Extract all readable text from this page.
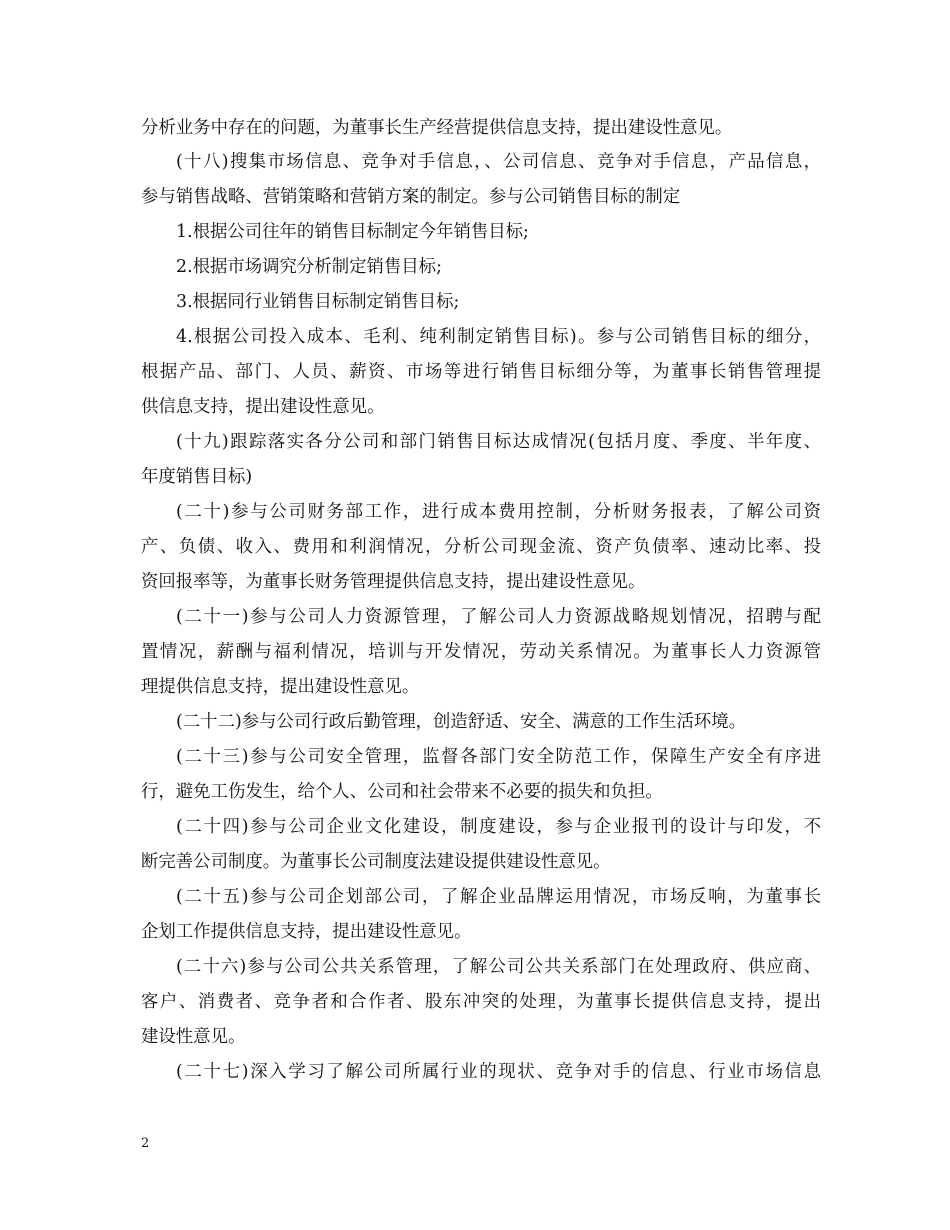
分析业务中存在的问题，为董事长生产经营提供信息支持，提出建设性意见。
(十八)搜集市场信息、竞争对手信息，、公司信息、竞争对手信息，产品信息，
参与销售战略、营销策略和营销方案的制定。参与公司销售目标的制定
1.根据公司往年的销售目标制定今年销售目标;
2.根据市场调究分析制定销售目标;
3.根据同行业销售目标制定销售目标;
4.根据公司投入成本、毛利、纯利制定销售目标)。参与公司销售目标的细分，
根据产品、部门、人员、薪资、市场等进行销售目标细分等，为董事长销售管理提
供信息支持，提出建设性意见。
(十九)跟踪落实各分公司和部门销售目标达成情况(包括月度、季度、半年度、
年度销售目标)
(二十)参与公司财务部工作，进行成本费用控制，分析财务报表，了解公司资
产、负债、收入、费用和利润情况，分析公司现金流、资产负债率、速动比率、投
资回报率等，为董事长财务管理提供信息支持，提出建设性意见。
(二十一)参与公司人力资源管理，了解公司人力资源战略规划情况，招聘与配
置情况，薪酬与福利情况，培训与开发情况，劳动关系情况。为董事长人力资源管
理提供信息支持，提出建设性意见。
(二十二)参与公司行政后勤管理，创造舒适、安全、满意的工作生活环境。
(二十三)参与公司安全管理，监督各部门安全防范工作，保障生产安全有序进
行，避免工伤发生，给个人、公司和社会带来不必要的损失和负担。
(二十四)参与公司企业文化建设，制度建设，参与企业报刊的设计与印发，不
断完善公司制度。为董事长公司制度法建设提供建设性意见。
(二十五)参与公司企划部公司，了解企业品牌运用情况，市场反响，为董事长
企划工作提供信息支持，提出建设性意见。
(二十六)参与公司公共关系管理，了解公司公共关系部门在处理政府、供应商、
客户、消费者、竞争者和合作者、股东冲突的处理，为董事长提供信息支持，提出
建设性意见。
(二十七)深入学习了解公司所属行业的现状、竞争对手的信息、行业市场信息
2
